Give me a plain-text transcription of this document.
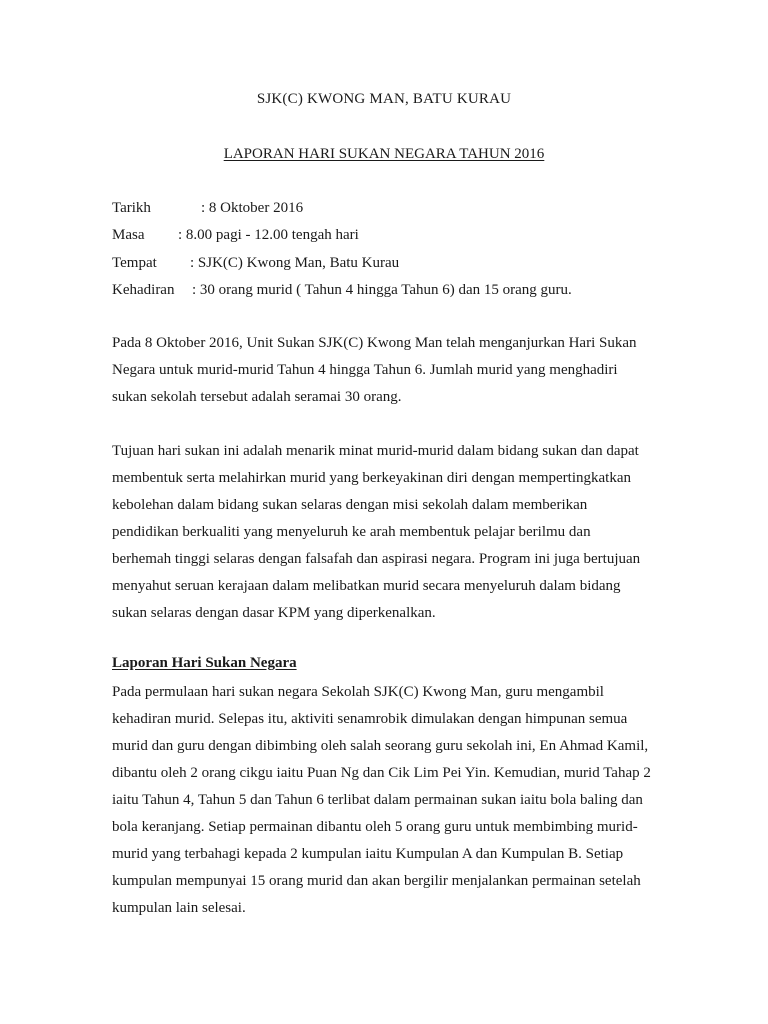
SJK(C) KWONG MAN, BATU KURAU
LAPORAN HARI SUKAN NEGARA TAHUN 2016
Tarikh	: 8 Oktober 2016
Masa : 8.00 pagi - 12.00 tengah hari
Tempat : SJK(C) Kwong Man, Batu Kurau
Kehadiran : 30 orang murid ( Tahun 4 hingga Tahun 6) dan 15 orang guru.
Pada 8 Oktober 2016, Unit Sukan SJK(C) Kwong Man telah menganjurkan Hari Sukan
Negara untuk murid-murid Tahun 4 hingga Tahun 6. Jumlah murid yang menghadiri
sukan sekolah tersebut adalah seramai 30 orang.
Tujuan hari sukan ini adalah menarik minat murid-murid dalam bidang sukan dan dapat
membentuk serta melahirkan murid yang berkeyakinan diri dengan mempertingkatkan
kebolehan dalam bidang sukan selaras dengan misi sekolah dalam memberikan
pendidikan berkualiti yang menyeluruh ke arah membentuk pelajar berilmu dan
berhemah tinggi selaras dengan falsafah dan aspirasi negara. Program ini juga bertujuan
menyahut seruan kerajaan dalam melibatkan murid secara menyeluruh dalam bidang
sukan selaras dengan dasar KPM yang diperkenalkan.
Laporan Hari Sukan Negara
Pada permulaan hari sukan negara Sekolah SJK(C) Kwong Man, guru mengambil
kehadiran murid. Selepas itu, aktiviti senamrobik dimulakan dengan himpunan semua
murid dan guru dengan dibimbing oleh salah seorang guru sekolah ini, En Ahmad Kamil,
dibantu oleh 2 orang cikgu iaitu Puan Ng dan Cik Lim Pei Yin. Kemudian, murid Tahap 2
iaitu Tahun 4, Tahun 5 dan Tahun 6 terlibat dalam permainan sukan iaitu bola baling dan
bola keranjang. Setiap permainan dibantu oleh 5 orang guru untuk membimbing murid-
murid yang terbahagi kepada 2 kumpulan iaitu Kumpulan A dan Kumpulan B. Setiap
kumpulan mempunyai 15 orang murid dan akan bergilir menjalankan permainan setelah
kumpulan lain selesai.
